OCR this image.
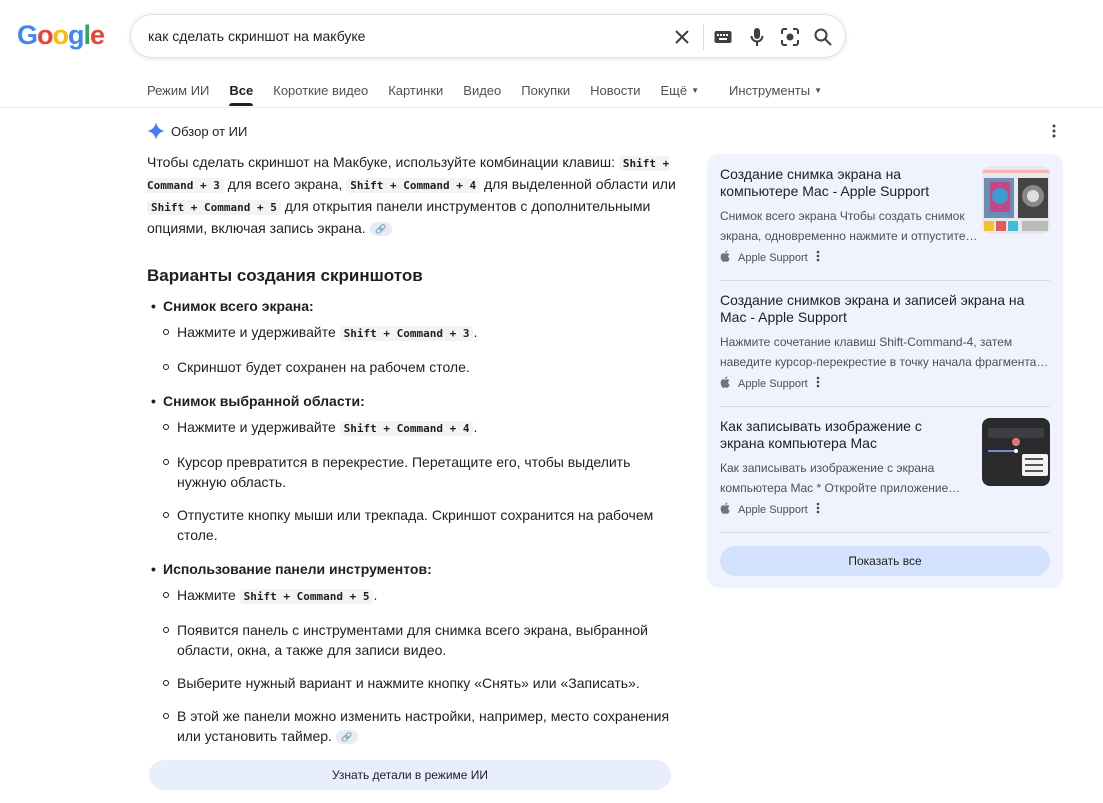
Google	как сделать скриншот на макбуке
Режим ИИ Все Короткие видео Картинки Видео Покупки Новости Ещё ▼ Инструменты ▼
Обзор от ИИ

Чтобы сделать скриншот на Макбуке, используйте комбинации клавиш: Shift + Command + 3 для всего экрана, Shift + Command + 4 для выделенной области или Shift + Command + 5 для открытия панели инструментов с дополнительными опциями, включая запись экрана. 🔗

Варианты создания скриншотов
• Снимок всего экрана:
Нажмите и удерживайте Shift + Command + 3 .
Скриншот будет сохранен на рабочем столе.
• Снимок выбранной области:
Нажмите и удерживайте Shift + Command + 4 .
Курсор превратится в перекрестие. Перетащите его, чтобы выделить нужную область.
Отпустите кнопку мыши или трекпада. Скриншот сохранится на рабочем столе.
• Использование панели инструментов:
Нажмите Shift + Command + 5 .
Появится панель с инструментами для снимка всего экрана, выбранной области, окна, а также для записи видео.
Выберите нужный вариант и нажмите кнопку «Снять» или «Записать».
В этой же панели можно изменить настройки, например, место сохранения или установить таймер. 🔗
Узнать детали в режиме ИИ
Создание снимка экрана на компьютере Mac - Apple Support
Снимок всего экрана Чтобы создать снимок экрана, одновременно нажмите и отпустите…
Apple Support
Создание снимков экрана и записей экрана на Mac - Apple Support
Нажмите сочетание клавиш Shift-Command-4, затем наведите курсор-перекрестие в точку начала фрагмента…
Apple Support
Как записывать изображение с экрана компьютера Mac
Как записывать изображение с экрана компьютера Mac * Откройте приложение…
Apple Support
Показать все
